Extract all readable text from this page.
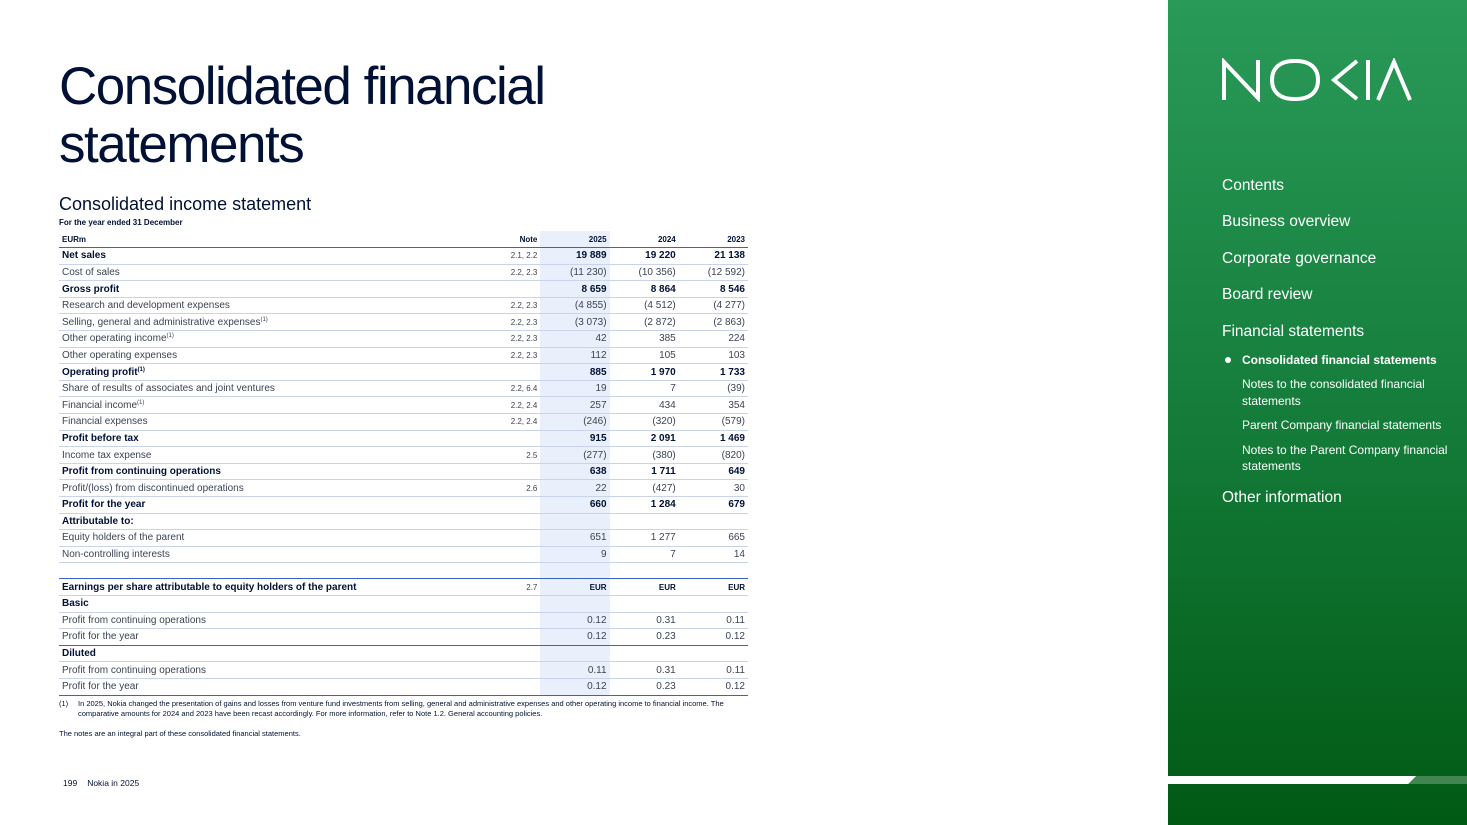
Consolidated financial statements
Consolidated income statement
For the year ended 31 December
EURm	Note	2025	2024	2023
Net sales	2.1, 2.2	19 889	19 220	21 138
Cost of sales	2.2, 2.3	(11 230)	(10 356)	(12 592)
Gross profit		8 659	8 864	8 546
Research and development expenses	2.2, 2.3	(4 855)	(4 512)	(4 277)
Selling, general and administrative expenses$^{(1)}$	2.2, 2.3	(3 073)	(2 872)	(2 863)
Other operating income$^{(1)}$	2.2, 2.3	42	385	224
Other operating expenses	2.2, 2.3	112	105	103
Operating profit$^{(1)}$		885	1 970	1 733
Share of results of associates and joint ventures	2.2, 6.4	19	7	(39)
Financial income$^{(1)}$	2.2, 2.4	257	434	354
Financial expenses	2.2, 2.4	(246)	(320)	(579)
Profit before tax		915	2 091	1 469
Income tax expense	2.5	(277)	(380)	(820)
Profit from continuing operations		638	1 711	649
Profit/(loss) from discontinued operations	2.6	22	(427)	30
Profit for the year		660	1 284	679
Attributable to:				
Equity holders of the parent		651	1 277	665
Non-controlling interests		9	7	14

Earnings per share attributable to equity holders of the parent	2.7	EUR	EUR	EUR
Basic				
Profit from continuing operations		0.12	0.31	0.11
Profit for the year		0.12	0.23	0.12
Diluted				
Profit from continuing operations		0.11	0.31	0.11
Profit for the year		0.12	0.23	0.12
(1) In 2025, Nokia changed the presentation of gains and losses from venture fund investments from selling, general and administrative expenses and other operating income to financial income. The comparative amounts for 2024 and 2023 have been recast accordingly. For more information, refer to Note 1.2. General accounting policies.
The notes are an integral part of these consolidated financial statements.
199 Nokia in 2025
Contents
Business overview
Corporate governance
Board review
Financial statements
Consolidated financial statements
Notes to the consolidated financial statements
Parent Company financial statements
Notes to the Parent Company financial statements
Other information
